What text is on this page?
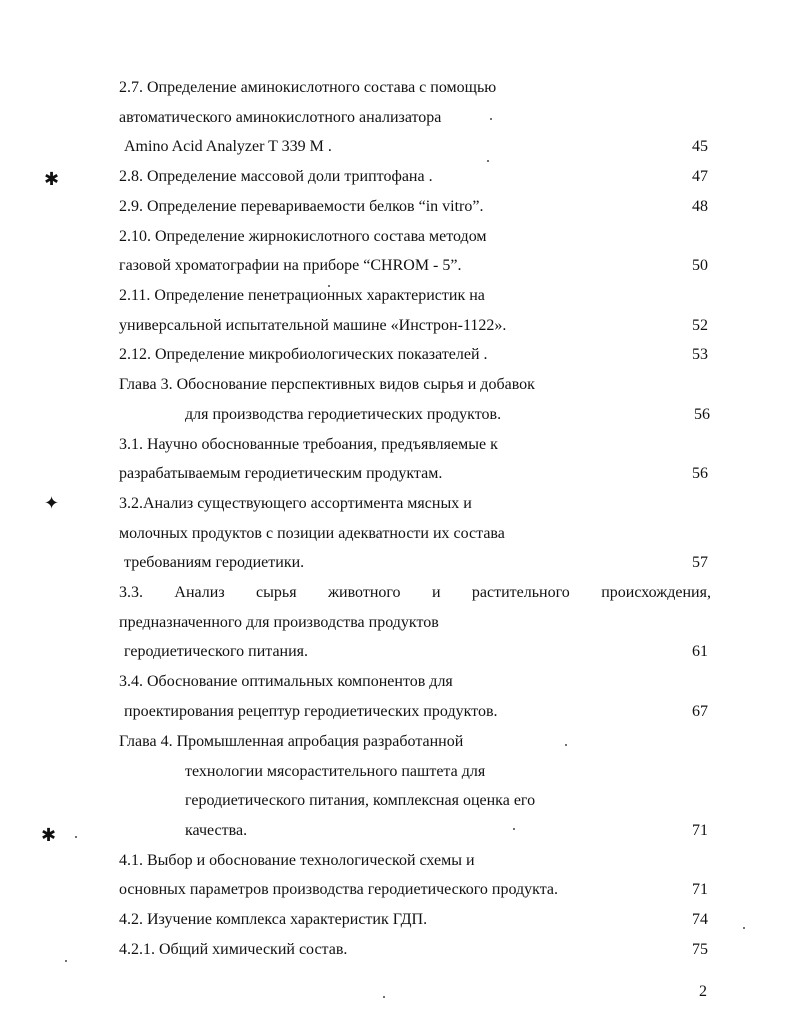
✱
✦
✱
2.7. Определение аминокислотного состава с помощью
автоматического аминокислотного анализатора
Amino Acid Analyzer T 339 M .	45
2.8. Определение массовой доли триптофана .	47
2.9. Определение перевариваемости белков “in vitro”.	48
2.10. Определение жирнокислотного состава методом
газовой хроматографии на приборе “CHROM - 5”.	50
2.11. Определение пенетрационных характеристик на
универсальной испытательной машине «Инстрон-1122».	52
2.12. Определение микробиологических показателей .	53
Глава 3. Обоснование перспективных видов сырья и добавок
для производства геродиетических продуктов.	56
3.1. Научно обоснованные требоания, предъявляемые к
разрабатываемым геродиетическим продуктам.	56
3.2.Анализ существующего ассортимента мясных и
молочных продуктов с позиции адекватности их состава
требованиям геродиетики.	57
3.3. Анализ сырья животного и растительного происхождения,
предназначенного для производства продуктов
геродиетического питания.	61
3.4. Обоснование оптимальных компонентов для
проектирования рецептур геродиетических продуктов.	67
Глава 4. Промышленная апробация разработанной
технологии мясорастительного паштета для
геродиетического питания, комплексная оценка его
качества.	71
4.1. Выбор и обоснование технологической схемы и
основных параметров производства геродиетического продукта.	71
4.2. Изучение комплекса характеристик ГДП.	74
4.2.1. Общий химический состав.	75
2
